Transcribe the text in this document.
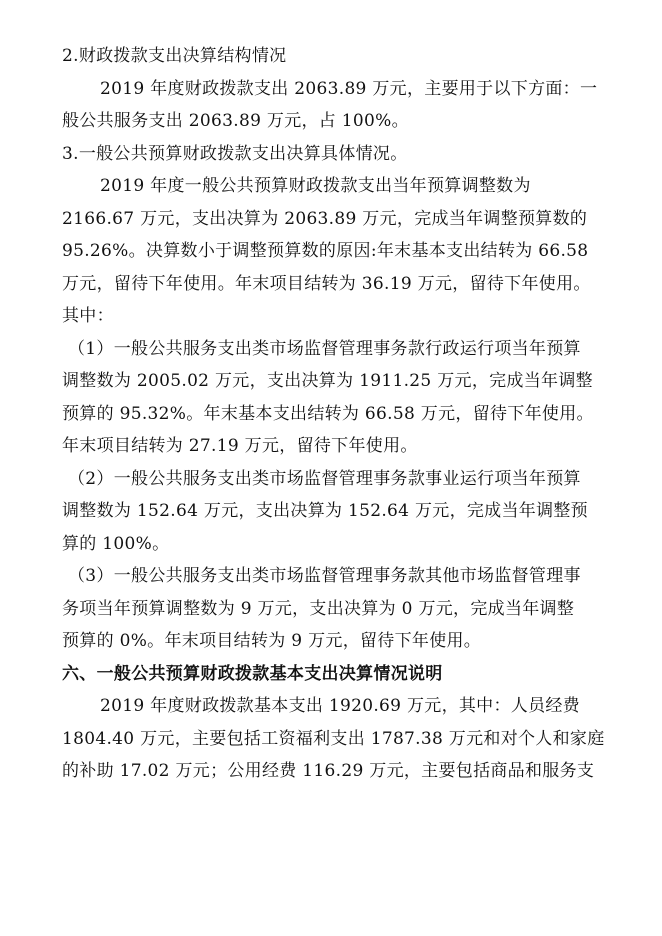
2.财政拨款支出决算结构情况
2019 年度财政拨款支出 2063.89 万元，主要用于以下方面：一
般公共服务支出 2063.89 万元，占 100%。
3.一般公共预算财政拨款支出决算具体情况。
2019 年度一般公共预算财政拨款支出当年预算调整数为
2166.67 万元，支出决算为 2063.89 万元，完成当年调整预算数的
95.26%。决算数小于调整预算数的原因:年末基本支出结转为 66.58
万元，留待下年使用。年末项目结转为 36.19 万元，留待下年使用。
其中：
（1）一般公共服务支出类市场监督管理事务款行政运行项当年预算
调整数为 2005.02 万元，支出决算为 1911.25 万元，完成当年调整
预算的 95.32%。年末基本支出结转为 66.58 万元，留待下年使用。
年末项目结转为 27.19 万元，留待下年使用。
（2）一般公共服务支出类市场监督管理事务款事业运行项当年预算
调整数为 152.64 万元，支出决算为 152.64 万元，完成当年调整预
算的 100%。
（3）一般公共服务支出类市场监督管理事务款其他市场监督管理事
务项当年预算调整数为 9 万元，支出决算为 0 万元，完成当年调整
预算的 0%。年末项目结转为 9 万元，留待下年使用。
六、一般公共预算财政拨款基本支出决算情况说明
2019 年度财政拨款基本支出 1920.69 万元，其中：人员经费
1804.40 万元，主要包括工资福利支出 1787.38 万元和对个人和家庭
的补助 17.02 万元；公用经费 116.29 万元，主要包括商品和服务支
